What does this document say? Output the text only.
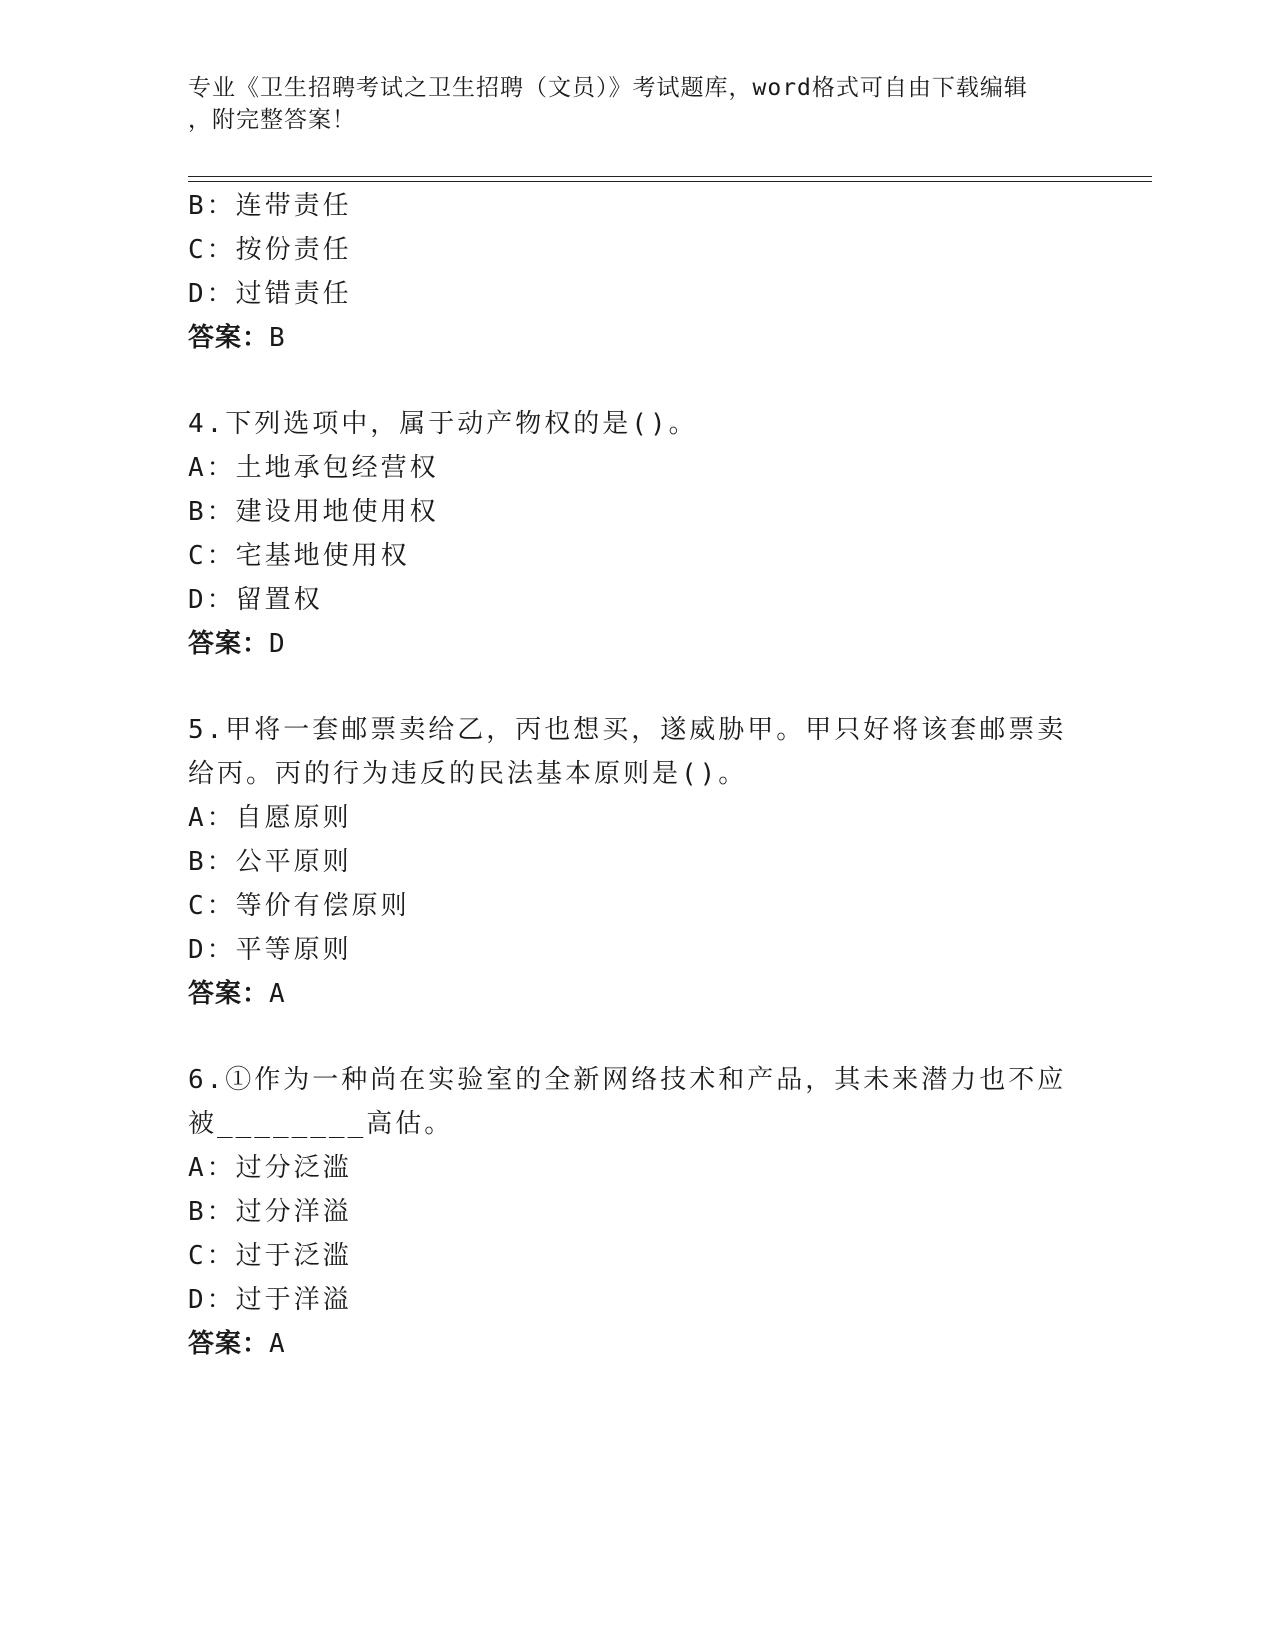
专业《卫生招聘考试之卫生招聘（文员）》考试题库，word格式可自由下载编辑
，附完整答案！
B：连带责任
C：按份责任
D：过错责任
答案：B
4.下列选项中，属于动产物权的是()。
A：土地承包经营权
B：建设用地使用权
C：宅基地使用权
D：留置权
答案：D
5.甲将一套邮票卖给乙，丙也想买，遂威胁甲。甲只好将该套邮票卖
给丙。丙的行为违反的民法基本原则是()。
A：自愿原则
B：公平原则
C：等价有偿原则
D：平等原则
答案：A
6.①作为一种尚在实验室的全新网络技术和产品，其未来潜力也不应
被________高估。
A：过分泛滥
B：过分洋溢
C：过于泛滥
D：过于洋溢
答案：A
